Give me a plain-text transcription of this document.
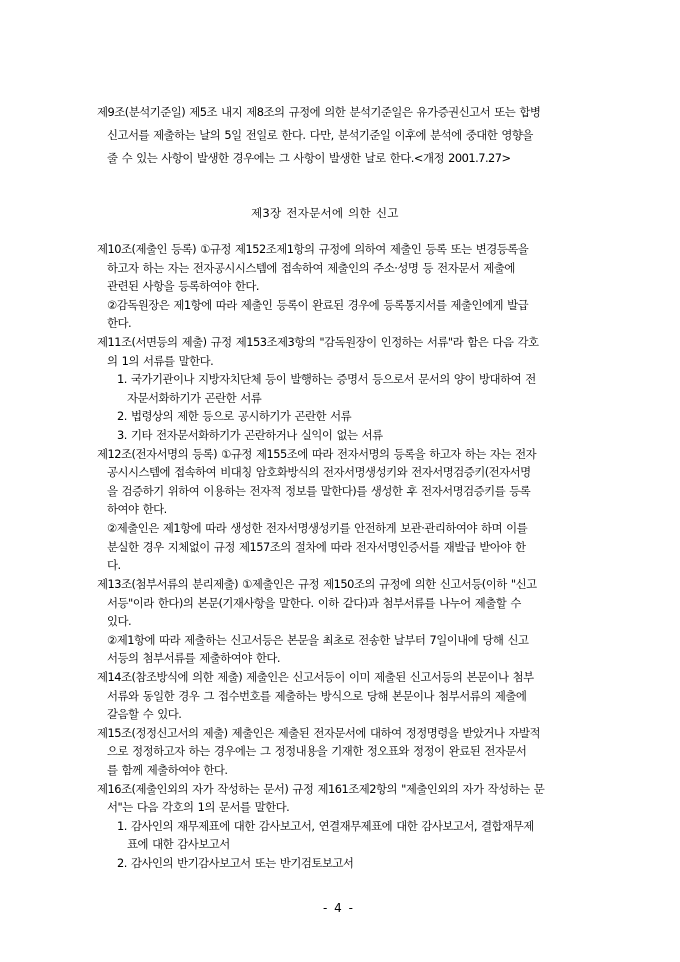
제9조(분석기준일) 제5조 내지 제8조의 규정에 의한 분석기준일은 유가증권신고서 또는 합병
신고서를 제출하는 날의 5일 전일로 한다. 다만, 분석기준일 이후에 분석에 중대한 영향을
줄 수 있는 사항이 발생한 경우에는 그 사항이 발생한 날로 한다.<개정 2001.7.27>
제3장 전자문서에 의한 신고
제10조(제출인 등록) ①규정 제152조제1항의 규정에 의하여 제출인 등록 또는 변경등록을
하고자 하는 자는 전자공시시스템에 접속하여 제출인의 주소·성명 등 전자문서 제출에
관련된 사항을 등록하여야 한다.
②감독원장은 제1항에 따라 제출인 등록이 완료된 경우에 등록통지서를 제출인에게 발급
한다.
제11조(서면등의 제출) 규정 제153조제3항의 "감독원장이 인정하는 서류"라 함은 다음 각호
의 1의 서류를 말한다.
1. 국가기관이나 지방자치단체 등이 발행하는 증명서 등으로서 문서의 양이 방대하여 전
자문서화하기가 곤란한 서류
2. 법령상의 제한 등으로 공시하기가 곤란한 서류
3. 기타 전자문서화하기가 곤란하거나 실익이 없는 서류
제12조(전자서명의 등록) ①규정 제155조에 따라 전자서명의 등록을 하고자 하는 자는 전자
공시시스템에 접속하여 비대칭 암호화방식의 전자서명생성키와 전자서명검증키(전자서명
을 검증하기 위하여 이용하는 전자적 정보를 말한다)를 생성한 후 전자서명검증키를 등록
하여야 한다.
②제출인은 제1항에 따라 생성한 전자서명생성키를 안전하게 보관·관리하여야 하며 이를
분실한 경우 지체없이 규정 제157조의 절차에 따라 전자서명인증서를 재발급 받아야 한
다.
제13조(첨부서류의 분리제출) ①제출인은 규정 제150조의 규정에 의한 신고서등(이하 "신고
서등"이라 한다)의 본문(기재사항을 말한다. 이하 같다)과 첨부서류를 나누어 제출할 수
있다.
②제1항에 따라 제출하는 신고서등은 본문을 최초로 전송한 날부터 7일이내에 당해 신고
서등의 첨부서류를 제출하여야 한다.
제14조(참조방식에 의한 제출) 제출인은 신고서등이 이미 제출된 신고서등의 본문이나 첨부
서류와 동일한 경우 그 접수번호를 제출하는 방식으로 당해 본문이나 첨부서류의 제출에
갈음할 수 있다.
제15조(정정신고서의 제출) 제출인은 제출된 전자문서에 대하여 정정명령을 받았거나 자발적
으로 정정하고자 하는 경우에는 그 정정내용을 기재한 정오표와 정정이 완료된 전자문서
를 함께 제출하여야 한다.
제16조(제출인외의 자가 작성하는 문서) 규정 제161조제2항의 "제출인외의 자가 작성하는 문
서"는 다음 각호의 1의 문서를 말한다.
1. 감사인의 재무제표에 대한 감사보고서, 연결재무제표에 대한 감사보고서, 결합재무제
표에 대한 감사보고서
2. 감사인의 반기감사보고서 또는 반기검토보고서
- 4 -
